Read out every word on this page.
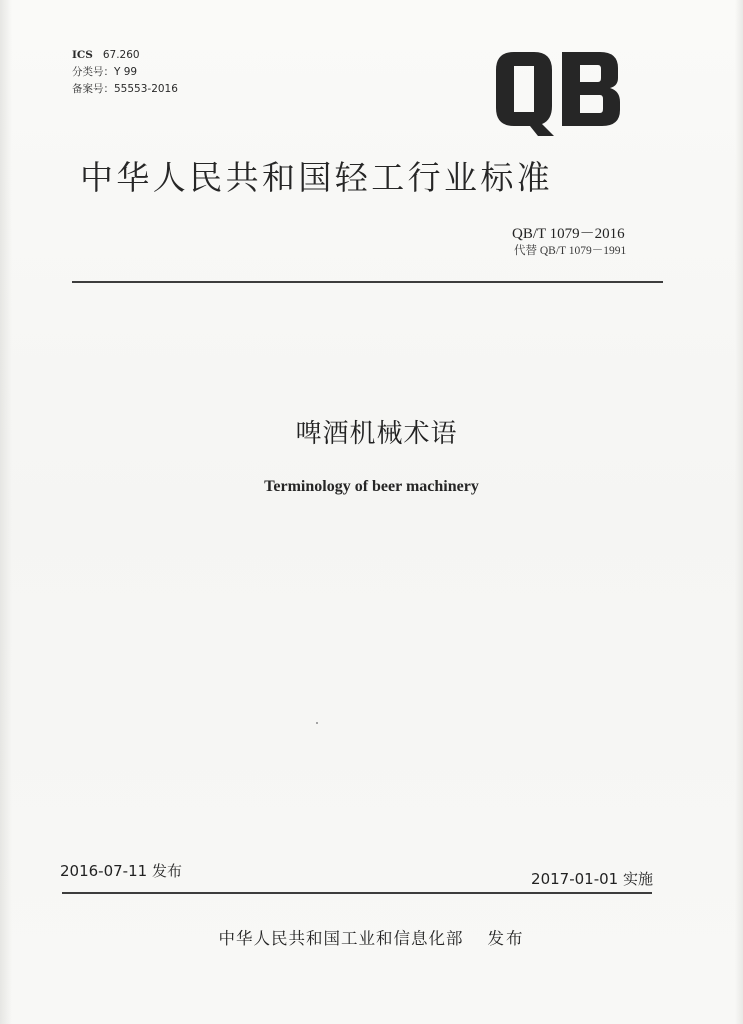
ICS 67.260
分类号：Y 99
备案号：55553-2016
中华人民共和国轻工行业标准
QB/T 1079－2016
代替 QB/T 1079－1991
啤酒机械术语
Terminology of beer machinery
2016-07-11 发布	2017-01-01 实施
中华人民共和国工业和信息化部 发布
